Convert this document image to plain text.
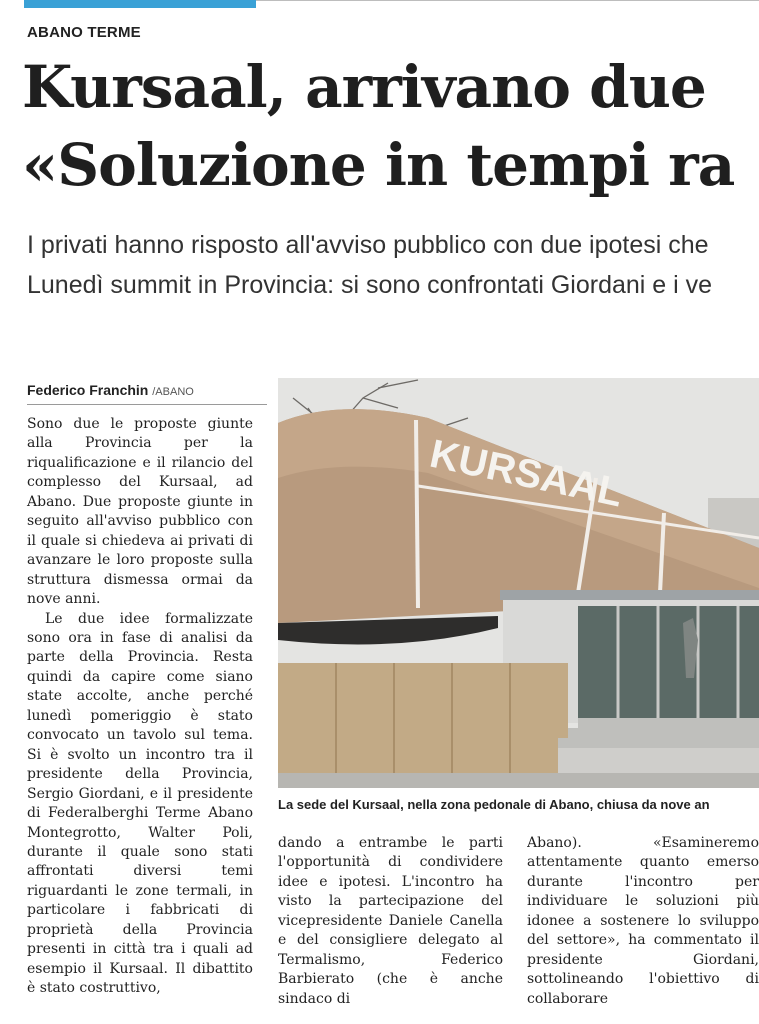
ABANO TERME
Kursaal, arrivano due
«Soluzione in tempi ra
I privati hanno risposto all'avviso pubblico con due ipotesi che
Lunedì summit in Provincia: si sono confrontati Giordani e i ve
Federico Franchin /ABANO

Sono due le proposte giunte alla Provincia per la riqualificazione e il rilancio del complesso del Kursaal, ad Abano. Due proposte giunte in seguito all'avviso pubblico con il quale si chiedeva ai privati di avanzare le loro proposte sulla struttura dismessa ormai da nove anni.

Le due idee formalizzate sono ora in fase di analisi da parte della Provincia. Resta quindi da capire come siano state accolte, anche perché lunedì pomeriggio è stato convocato un tavolo sul tema. Si è svolto un incontro tra il presidente della Provincia, Sergio Giordani, e il presidente di Federalberghi Terme Abano Montegrotto, Walter Poli, durante il quale sono stati affrontati diversi temi riguardanti le zone termali, in particolare i fabbricati di proprietà della Provincia presenti in città tra i quali ad esempio il Kursaal. Il dibattito è stato costruttivo,

KURSAAL
La sede del Kursaal, nella zona pedonale di Abano, chiusa da nove an

dando a entrambe le parti l'opportunità di condividere idee e ipotesi. L'incontro ha visto la partecipazione del vicepresidente Daniele Canella e del consigliere delegato al Termalismo, Federico Barbierato (che è anche sindaco di

Abano). «Esamineremo attentamente quanto emerso durante l'incontro per individuare le soluzioni più idonee a sostenere lo sviluppo del settore», ha commentato il presidente Giordani, sottolineando l'obiettivo di collaborare
